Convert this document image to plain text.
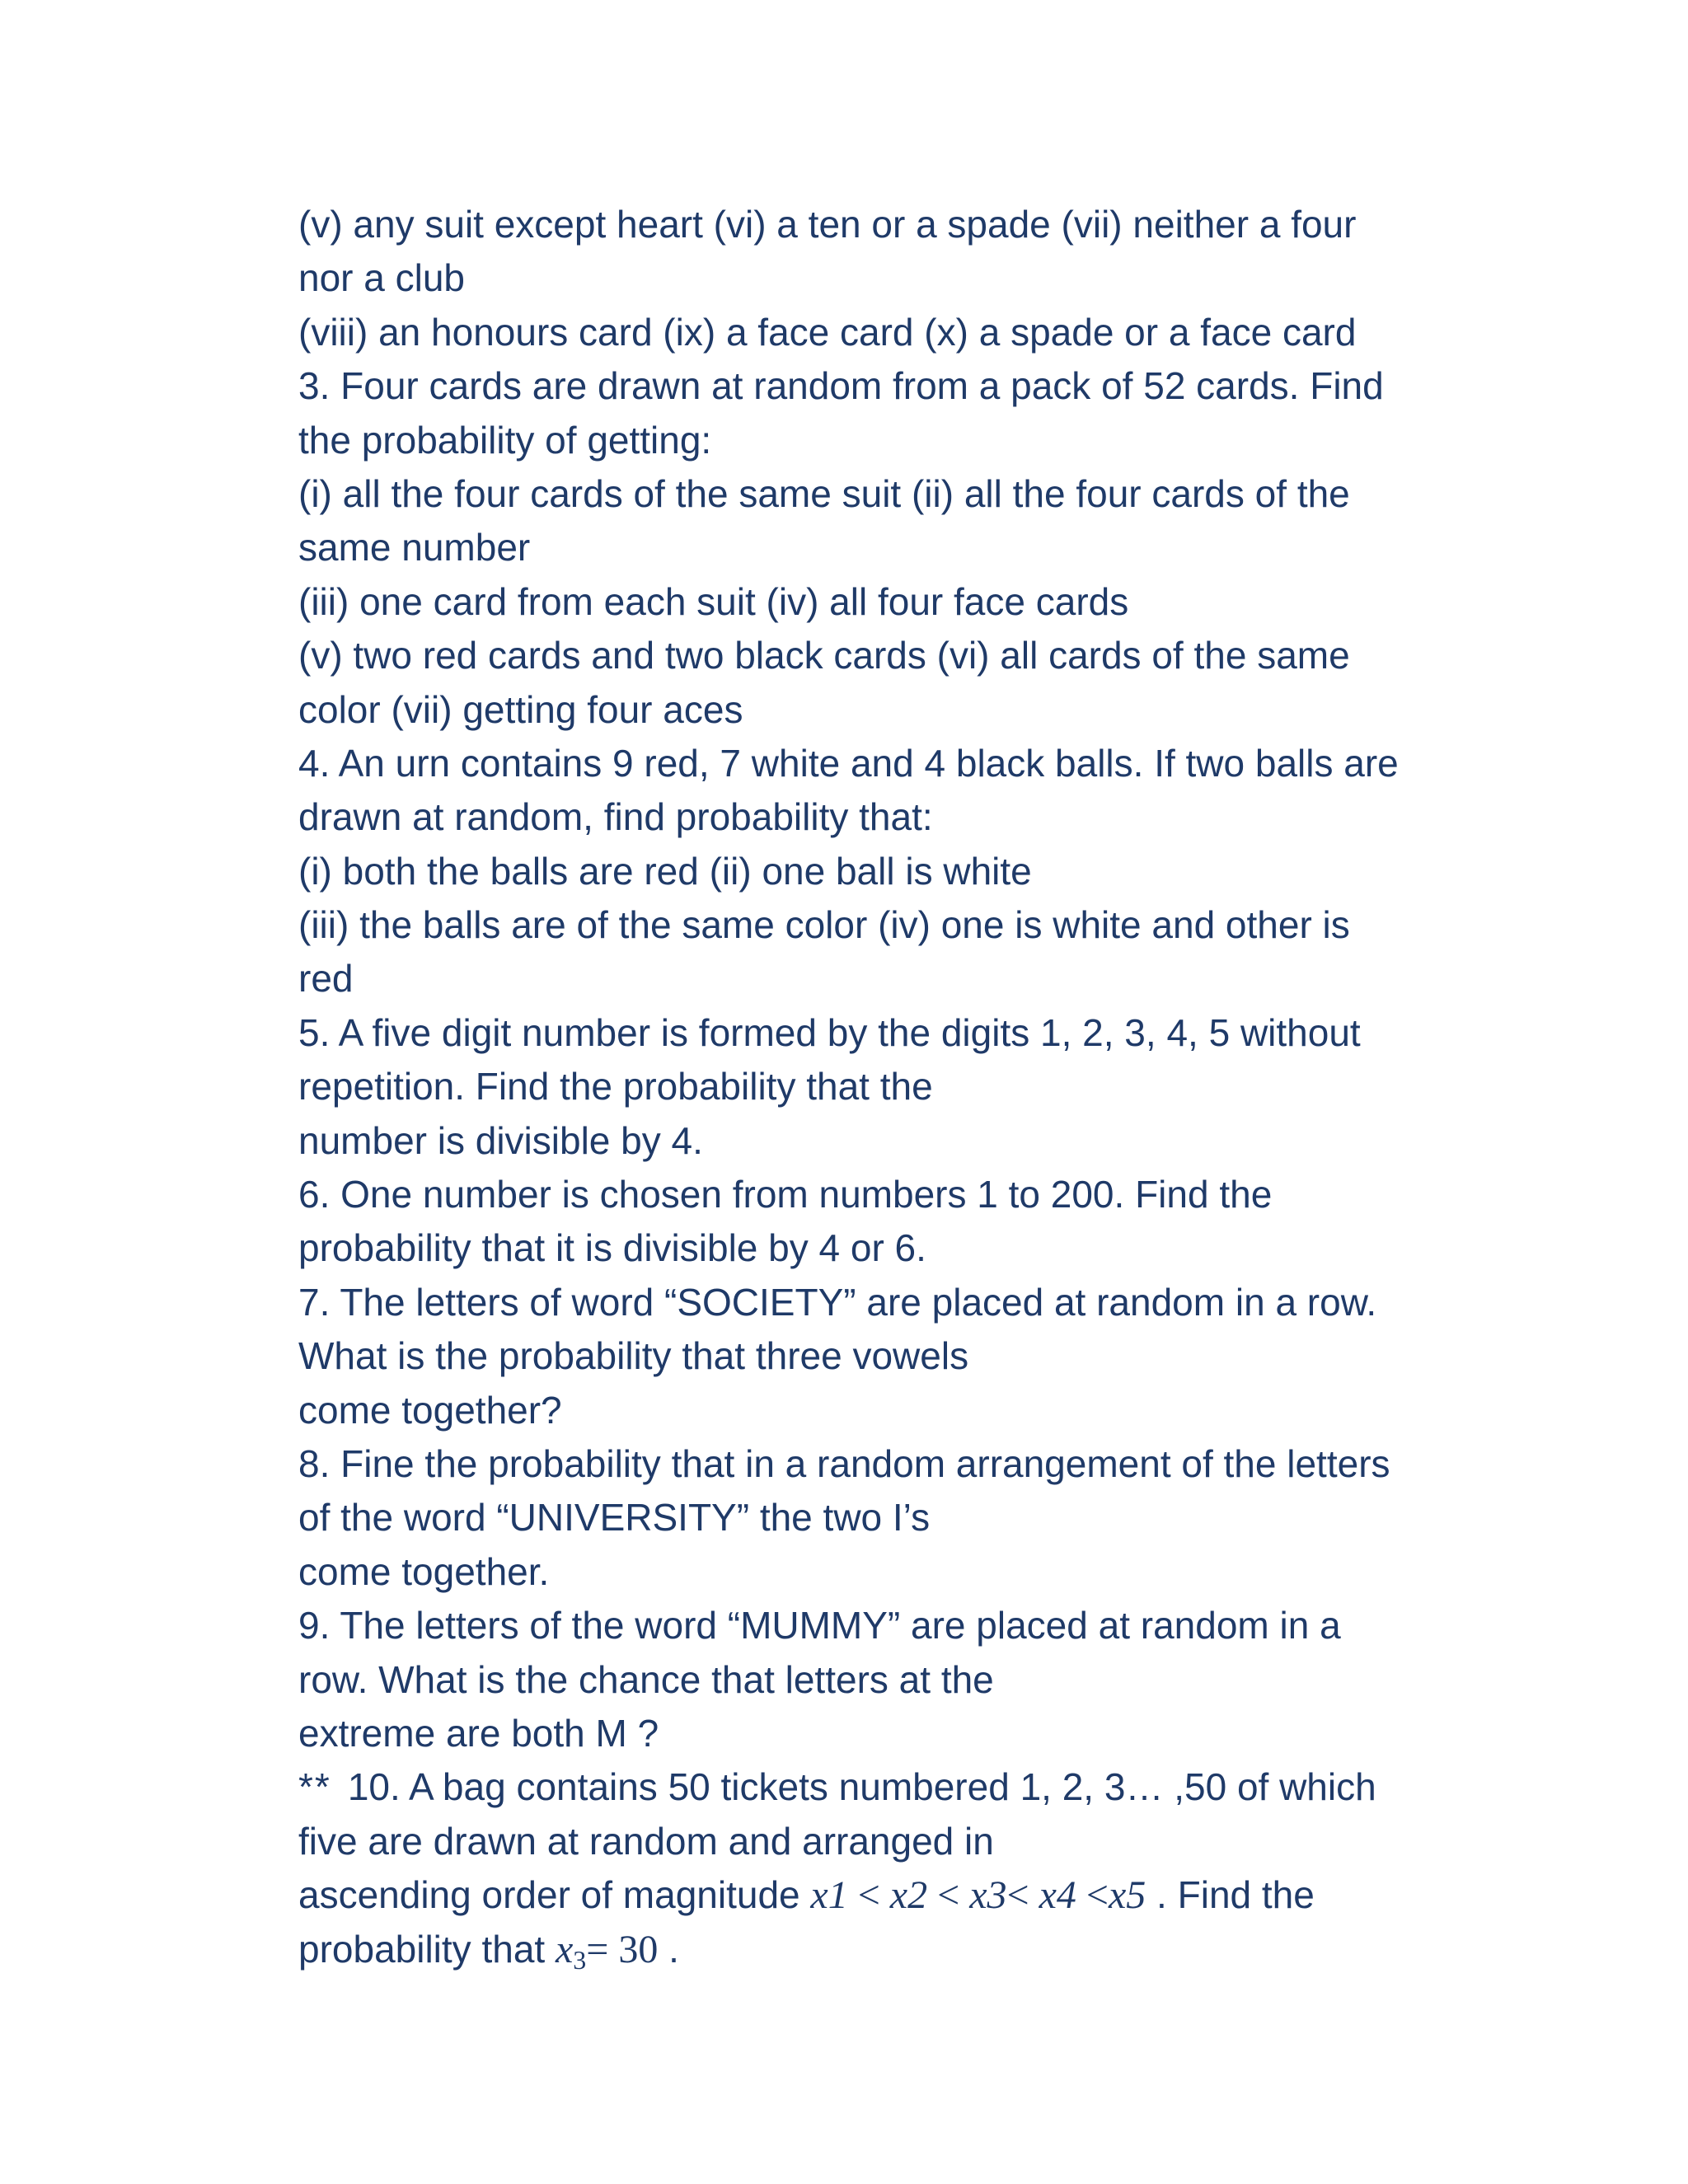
(v) any suit except heart (vi) a ten or a spade (vii) neither a four
nor a club
(viii) an honours card (ix) a face card (x) a spade or a face card
3. Four cards are drawn at random from a pack of 52 cards. Find
the probability of getting:
(i) all the four cards of the same suit (ii) all the four cards of the
same number
(iii) one card from each suit (iv) all four face cards
(v) two red cards and two black cards (vi) all cards of the same
color (vii) getting four aces
4. An urn contains 9 red, 7 white and 4 black balls. If two balls are
drawn at random, find probability that:
(i) both the balls are red (ii) one ball is white
(iii) the balls are of the same color (iv) one is white and other is
red
5. A five digit number is formed by the digits 1, 2, 3, 4, 5 without
repetition. Find the probability that the
number is divisible by 4.
6. One number is chosen from numbers 1 to 200. Find the
probability that it is divisible by 4 or 6.
7. The letters of word “SOCIETY” are placed at random in a row.
What is the probability that three vowels
come together?
8. Fine the probability that in a random arrangement of the letters
of the word “UNIVERSITY” the two I’s
come together.
9. The letters of the word “MUMMY” are placed at random in a
row. What is the chance that letters at the
extreme are both M ?
** 10. A bag contains 50 tickets numbered 1, 2, 3… ,50 of which
five are drawn at random and arranged in
ascending order of magnitude x1 < x2 < x3< x4 <x5 . Find the
probability that $x_3= 30$ .
